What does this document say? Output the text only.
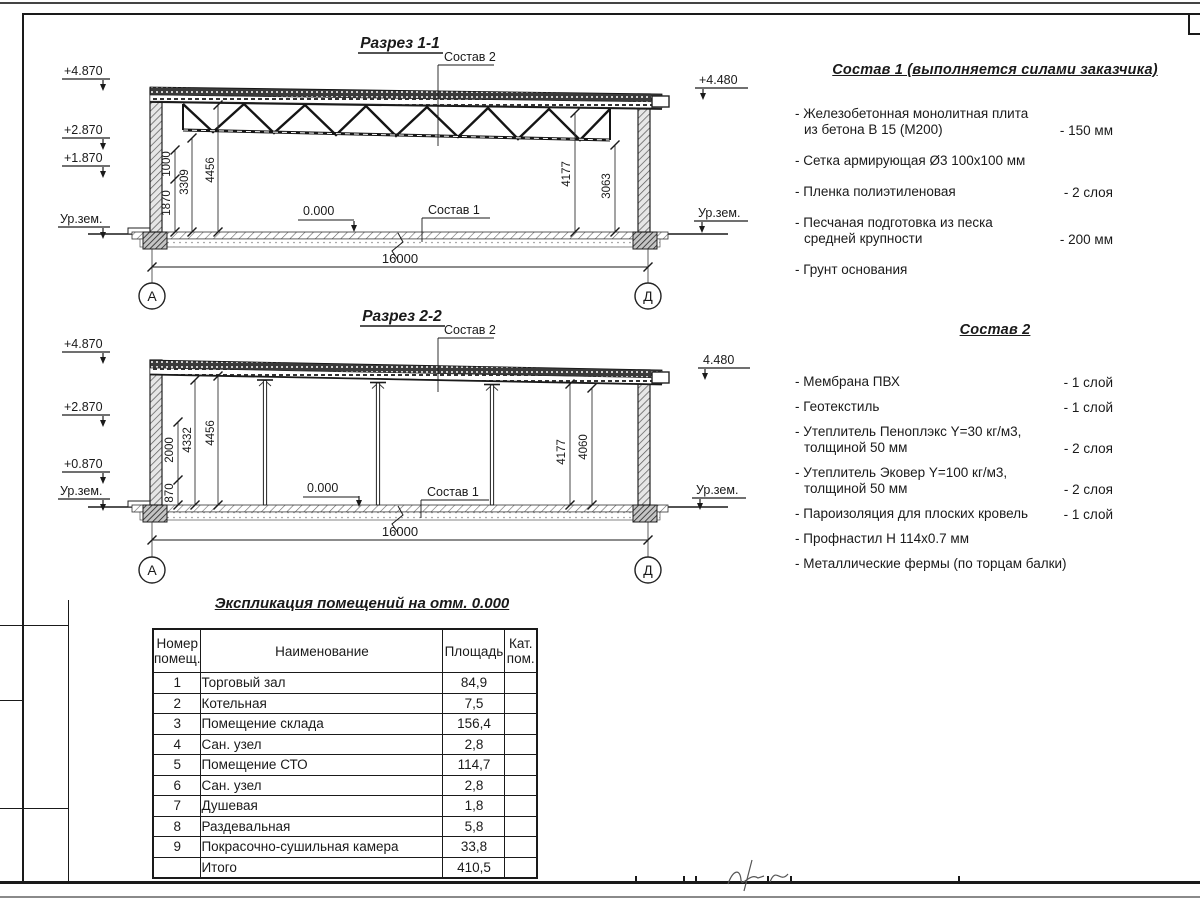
1870
1000
3309 4456	4177 3063
16000
А	Д
0.000	Состав 1
Состав 2
+4.870
+2.870
+1.870
Ур.зем.
+4.480
Ур.зем.
Разрез 1-1
870
2000 4332 4456
4177 4060
16000
А	Д
0.000	Состав 1
Состав 2
+4.870
+2.870
+0.870
Ур.зем.
4.480
Ур.зем.
Разрез 2-2
Состав 1 (выполняется силами заказчика)
- Железобетонная монолитная плита
из бетона В 15 (М200)	- 150 мм
- Сетка армирующая Ø3 100х100 мм
- Пленка полиэтиленовая	- 2 слоя
- Песчаная подготовка из песка
средней крупности	- 200 мм
- Грунт основания
Состав 2
- Мембрана ПВХ	- 1 слой
- Геотекстиль	- 1 слой
- Утеплитель Пеноплэкс Y=30 кг/м3,
толщиной 50 мм	- 2 слоя
- Утеплитель Эковер Y=100 кг/м3,
толщиной 50 мм	- 2 слоя
- Пароизоляция для плоских кровель	- 1 слой
- Профнастил Н 114х0.7 мм
- Металлические фермы (по торцам балки)
Экспликация помещений на отм. 0.000
Номер
помещ.	Наименование	Площадь	Кат.
пом.

1	Торговый зал	84,9	
2	Котельная	7,5	
3	Помещение склада	156,4	
4	Сан. узел	2,8	
5	Помещение СТО	114,7	
6	Сан. узел	2,8	
7	Душевая	1,8	
8	Раздевальная	5,8	
9	Покрасочно-сушильная камера	33,8	
	Итого	410,5	
